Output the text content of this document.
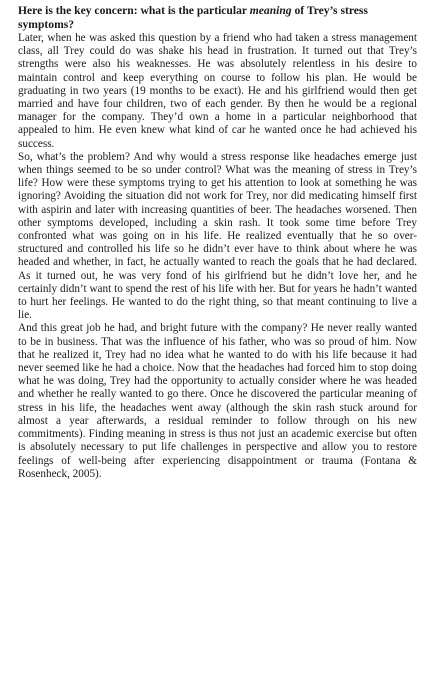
Here is the key concern: what is the particular meaning of Trey’s stress symptoms?

Later, when he was asked this question by a friend who had taken a stress management class, all Trey could do was shake his head in frustration. It turned out that Trey’s strengths were also his weaknesses. He was absolutely relentless in his desire to maintain control and keep everything on course to follow his plan. He would be graduating in two years (19 months to be exact). He and his girlfriend would then get married and have four children, two of each gender. By then he would be a regional manager for the company. They’d own a home in a particular neighborhood that appealed to him. He even knew what kind of car he wanted once he had achieved his success.

So, what’s the problem? And why would a stress response like headaches emerge just when things seemed to be so under control? What was the meaning of stress in Trey’s life? How were these symptoms trying to get his attention to look at something he was ignoring? Avoiding the situation did not work for Trey, nor did medicating himself first with aspirin and later with increasing quantities of beer. The headaches worsened. Then other symptoms developed, including a skin rash. It took some time before Trey confronted what was going on in his life. He realized eventually that he so over-structured and controlled his life so he didn’t ever have to think about where he was headed and whether, in fact, he actually wanted to reach the goals that he had declared. As it turned out, he was very fond of his girlfriend but he didn’t love her, and he certainly didn’t want to spend the rest of his life with her. But for years he hadn’t wanted to hurt her feelings. He wanted to do the right thing, so that meant continuing to live a lie.

And this great job he had, and bright future with the company? He never really wanted to be in business. That was the influence of his father, who was so proud of him. Now that he realized it, Trey had no idea what he wanted to do with his life because it had never seemed like he had a choice. Now that the headaches had forced him to stop doing what he was doing, Trey had the opportunity to actually consider where he was headed and whether he really wanted to go there. Once he discovered the particular meaning of stress in his life, the headaches went away (although the skin rash stuck around for almost a year afterwards, a residual reminder to follow through on his new commitments). Finding meaning in stress is thus not just an academic exercise but often is absolutely necessary to put life challenges in perspective and allow you to restore feelings of well-being after experiencing disappointment or trauma (Fontana & Rosenheck, 2005).
